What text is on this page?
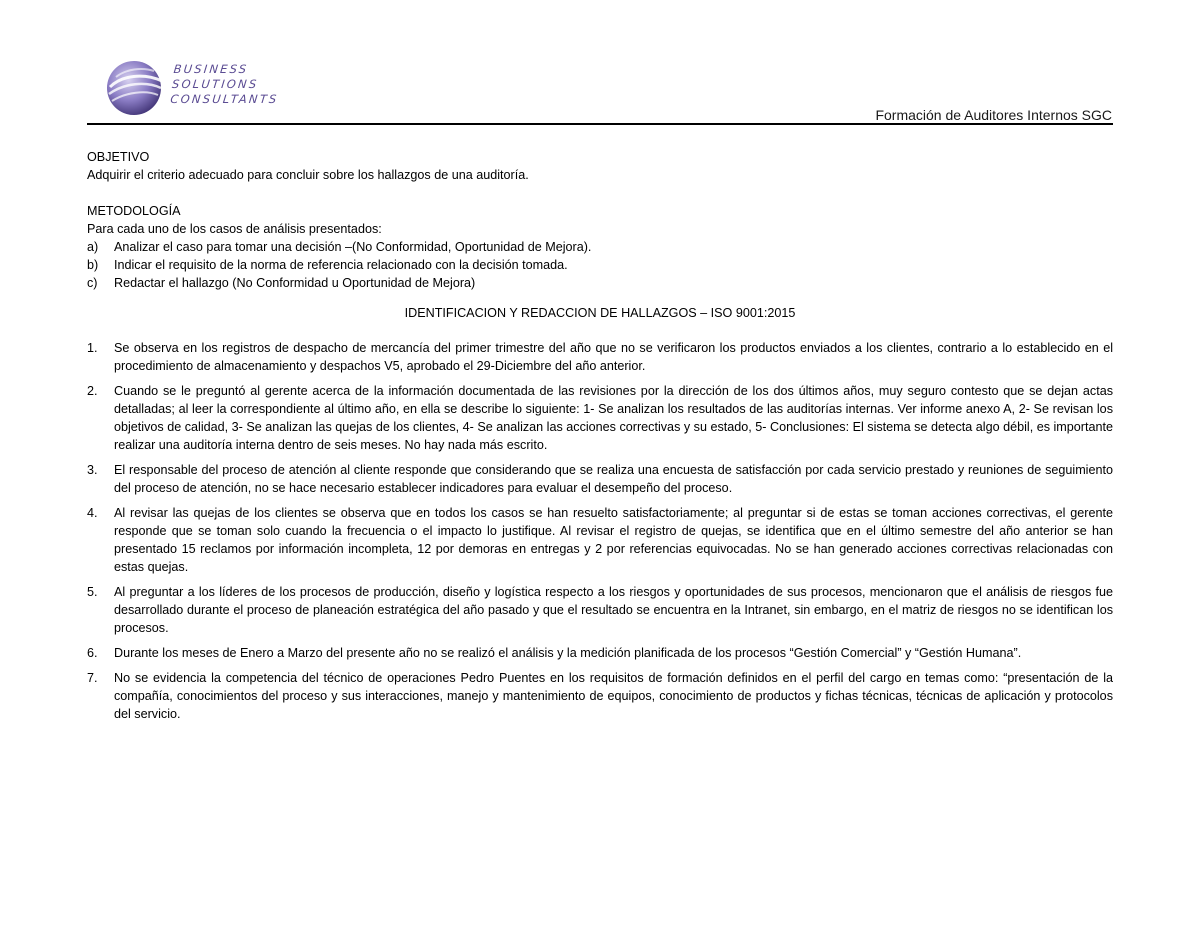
BUSINESS
SOLUTIONS
CONSULTANTS
Formación de Auditores Internos SGC

OBJETIVO

Adquirir el criterio adecuado para concluir sobre los hallazgos de una auditoría.

METODOLOGÍA

Para cada uno de los casos de análisis presentados:

a)	Analizar el caso para tomar una decisión –(No Conformidad, Oportunidad de Mejora).
b)	Indicar el requisito de la norma de referencia relacionado con la decisión tomada.
c)	Redactar el hallazgo (No Conformidad u Oportunidad de Mejora)

IDENTIFICACION Y REDACCION DE HALLAZGOS – ISO 9001:2015

1.	Se observa en los registros de despacho de mercancía del primer trimestre del año que no se verificaron los productos enviados a los clientes, contrario a lo establecido en el procedimiento de almacenamiento y despachos V5, aprobado el 29-Diciembre del año anterior.
2.	Cuando se le preguntó al gerente acerca de la información documentada de las revisiones por la dirección de los dos últimos años, muy seguro contesto que se dejan actas detalladas; al leer la correspondiente al último año, en ella se describe lo siguiente: 1- Se analizan los resultados de las auditorías internas. Ver informe anexo A, 2- Se revisan los objetivos de calidad, 3- Se analizan las quejas de los clientes, 4- Se analizan las acciones correctivas y su estado, 5- Conclusiones: El sistema se detecta algo débil, es importante realizar una auditoría interna dentro de seis meses. No hay nada más escrito.
3.	El responsable del proceso de atención al cliente responde que considerando que se realiza una encuesta de satisfacción por cada servicio prestado y reuniones de seguimiento del proceso de atención, no se hace necesario establecer indicadores para evaluar el desempeño del proceso.
4.	Al revisar las quejas de los clientes se observa que en todos los casos se han resuelto satisfactoriamente; al preguntar si de estas se toman acciones correctivas, el gerente responde que se toman solo cuando la frecuencia o el impacto lo justifique. Al revisar el registro de quejas, se identifica que en el último semestre del año anterior se han presentado 15 reclamos por información incompleta, 12 por demoras en entregas y 2 por referencias equivocadas. No se han generado acciones correctivas relacionadas con estas quejas.
5.	Al preguntar a los líderes de los procesos de producción, diseño y logística respecto a los riesgos y oportunidades de sus procesos, mencionaron que el análisis de riesgos fue desarrollado durante el proceso de planeación estratégica del año pasado y que el resultado se encuentra en la Intranet, sin embargo, en el matriz de riesgos no se identifican los procesos.
6.	Durante los meses de Enero a Marzo del presente año no se realizó el análisis y la medición planificada de los procesos “Gestión Comercial” y “Gestión Humana”.
7.	No se evidencia la competencia del técnico de operaciones Pedro Puentes en los requisitos de formación definidos en el perfil del cargo en temas como: “presentación de la compañía, conocimientos del proceso y sus interacciones, manejo y mantenimiento de equipos, conocimiento de productos y fichas técnicas, técnicas de aplicación y protocolos del servicio.
